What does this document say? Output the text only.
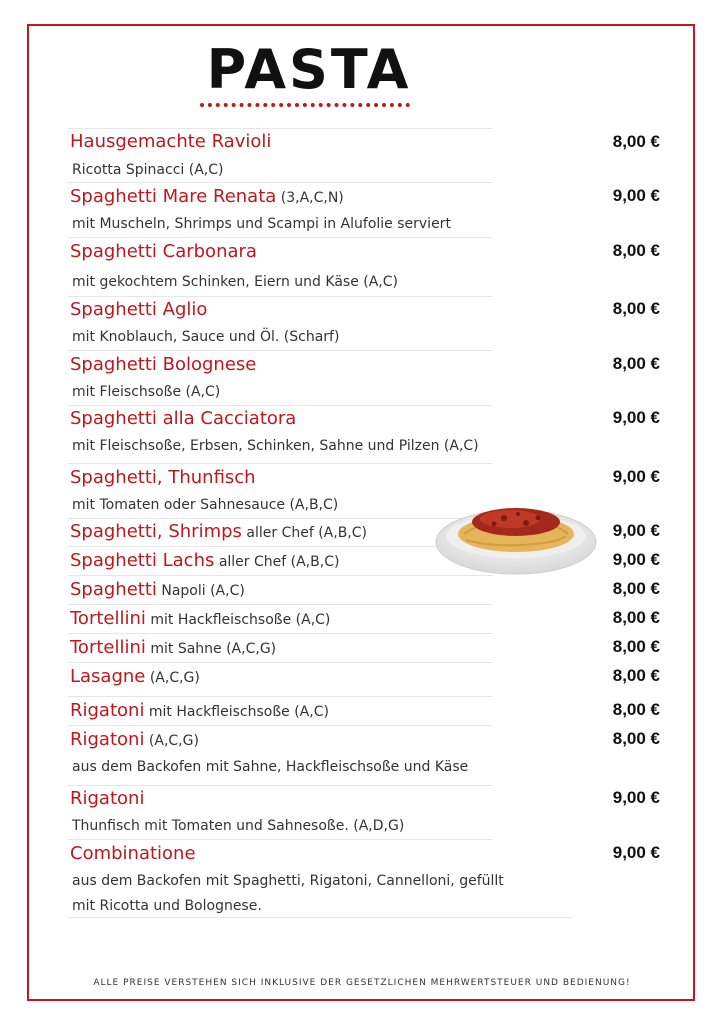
PASTA
Hausgemachte Ravioli	8,00 €
Ricotta Spinacci (A,C)
Spaghetti Mare Renata (3,A,C,N)	9,00 €
mit Muscheln, Shrimps und Scampi in Alufolie serviert
Spaghetti Carbonara	8,00 €
mit gekochtem Schinken, Eiern und Käse (A,C)
Spaghetti Aglio	8,00 €
mit Knoblauch, Sauce und Öl. (Scharf)
Spaghetti Bolognese	8,00 €
mit Fleischsoße (A,C)
Spaghetti alla Cacciatora	9,00 €
mit Fleischsoße, Erbsen, Schinken, Sahne und Pilzen (A,C)
Spaghetti, Thunfisch	9,00 €
mit Tomaten oder Sahnesauce (A,B,C)
Spaghetti, Shrimps aller Chef (A,B,C)	9,00 €
Spaghetti Lachs aller Chef (A,B,C)	9,00 €
Spaghetti Napoli (A,C)	8,00 €
Tortellini mit Hackfleischsoße (A,C)	8,00 €
Tortellini mit Sahne (A,C,G)	8,00 €
Lasagne (A,C,G)	8,00 €
Rigatoni mit Hackfleischsoße (A,C)	8,00 €
Rigatoni (A,C,G)	8,00 €
aus dem Backofen mit Sahne, Hackfleischsoße und Käse
Rigatoni	9,00 €
Thunfisch mit Tomaten und Sahnesoße. (A,D,G)
Combinatione	9,00 €
aus dem Backofen mit Spaghetti, Rigatoni, Cannelloni, gefüllt
mit Ricotta und Bolognese.
ALLE PREISE VERSTEHEN SICH INKLUSIVE DER GESETZLICHEN MEHRWERTSTEUER UND BEDIENUNG!
